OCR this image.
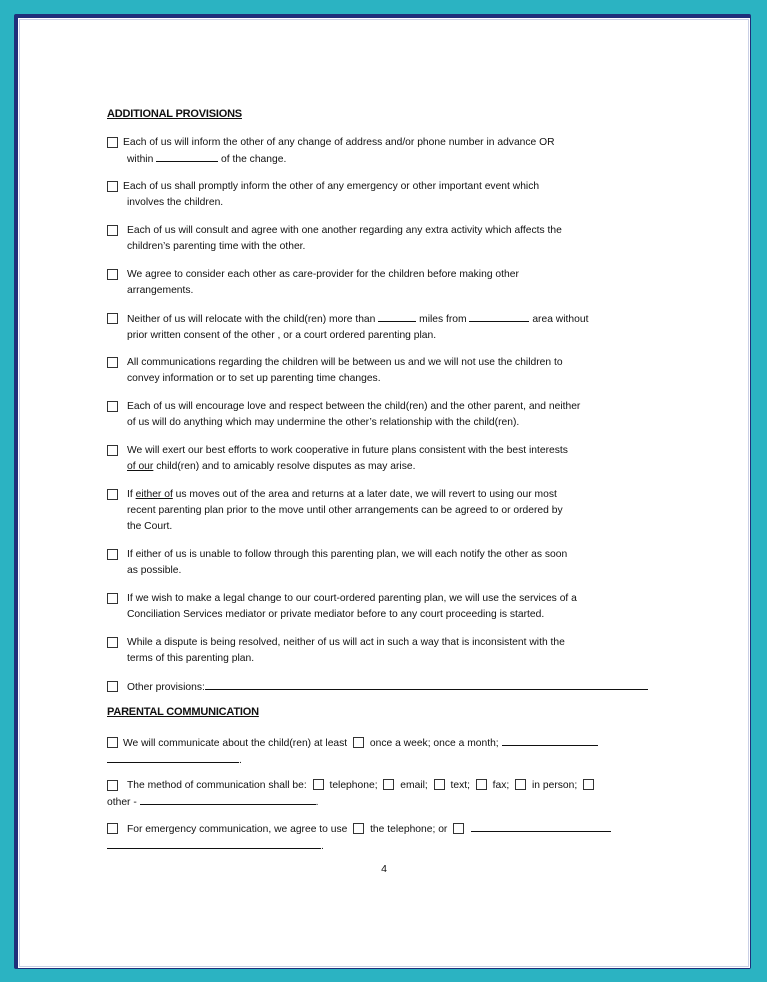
ADDITIONAL PROVISIONS
Each of us will inform the other of any change of address and/or phone number in advance OR
within	of the change.
Each of us shall promptly inform the other of any emergency or other important event which
involves the children.
Each of us will consult and agree with one another regarding any extra activity which affects the
children’s parenting time with the other.
We agree to consider each other as care-provider for the children before making other
arrangements.
Neither of us will relocate with the child(ren) more than	miles from	area without
prior written consent of the other , or a court ordered parenting plan.
All communications regarding the children will be between us and we will not use the children to
convey information or to set up parenting time changes.
Each of us will encourage love and respect between the child(ren) and the other parent, and neither
of us will do anything which may undermine the other’s relationship with the child(ren).
We will exert our best efforts to work cooperative in future plans consistent with the best interests
of our child(ren) and to amicably resolve disputes as may arise.
If either of us moves out of the area and returns at a later date, we will revert to using our most
recent parenting plan prior to the move until other arrangements can be agreed to or ordered by
the Court.
If either of us is unable to follow through this parenting plan, we will each notify the other as soon
as possible.
If we wish to make a legal change to our court-ordered parenting plan, we will use the services of a
Conciliation Services mediator or private mediator before to any court proceeding is started.
While a dispute is being resolved, neither of us will act in such a way that is inconsistent with the
terms of this parenting plan.
Other provisions:
PARENTAL COMMUNICATION
We will communicate about the child(ren) at least  once a week; once a month;
.
The method of communication shall be:  telephone;  email;  text;  fax;  in person;
other -	.
For emergency communication, we agree to use  the telephone; or
.
4
